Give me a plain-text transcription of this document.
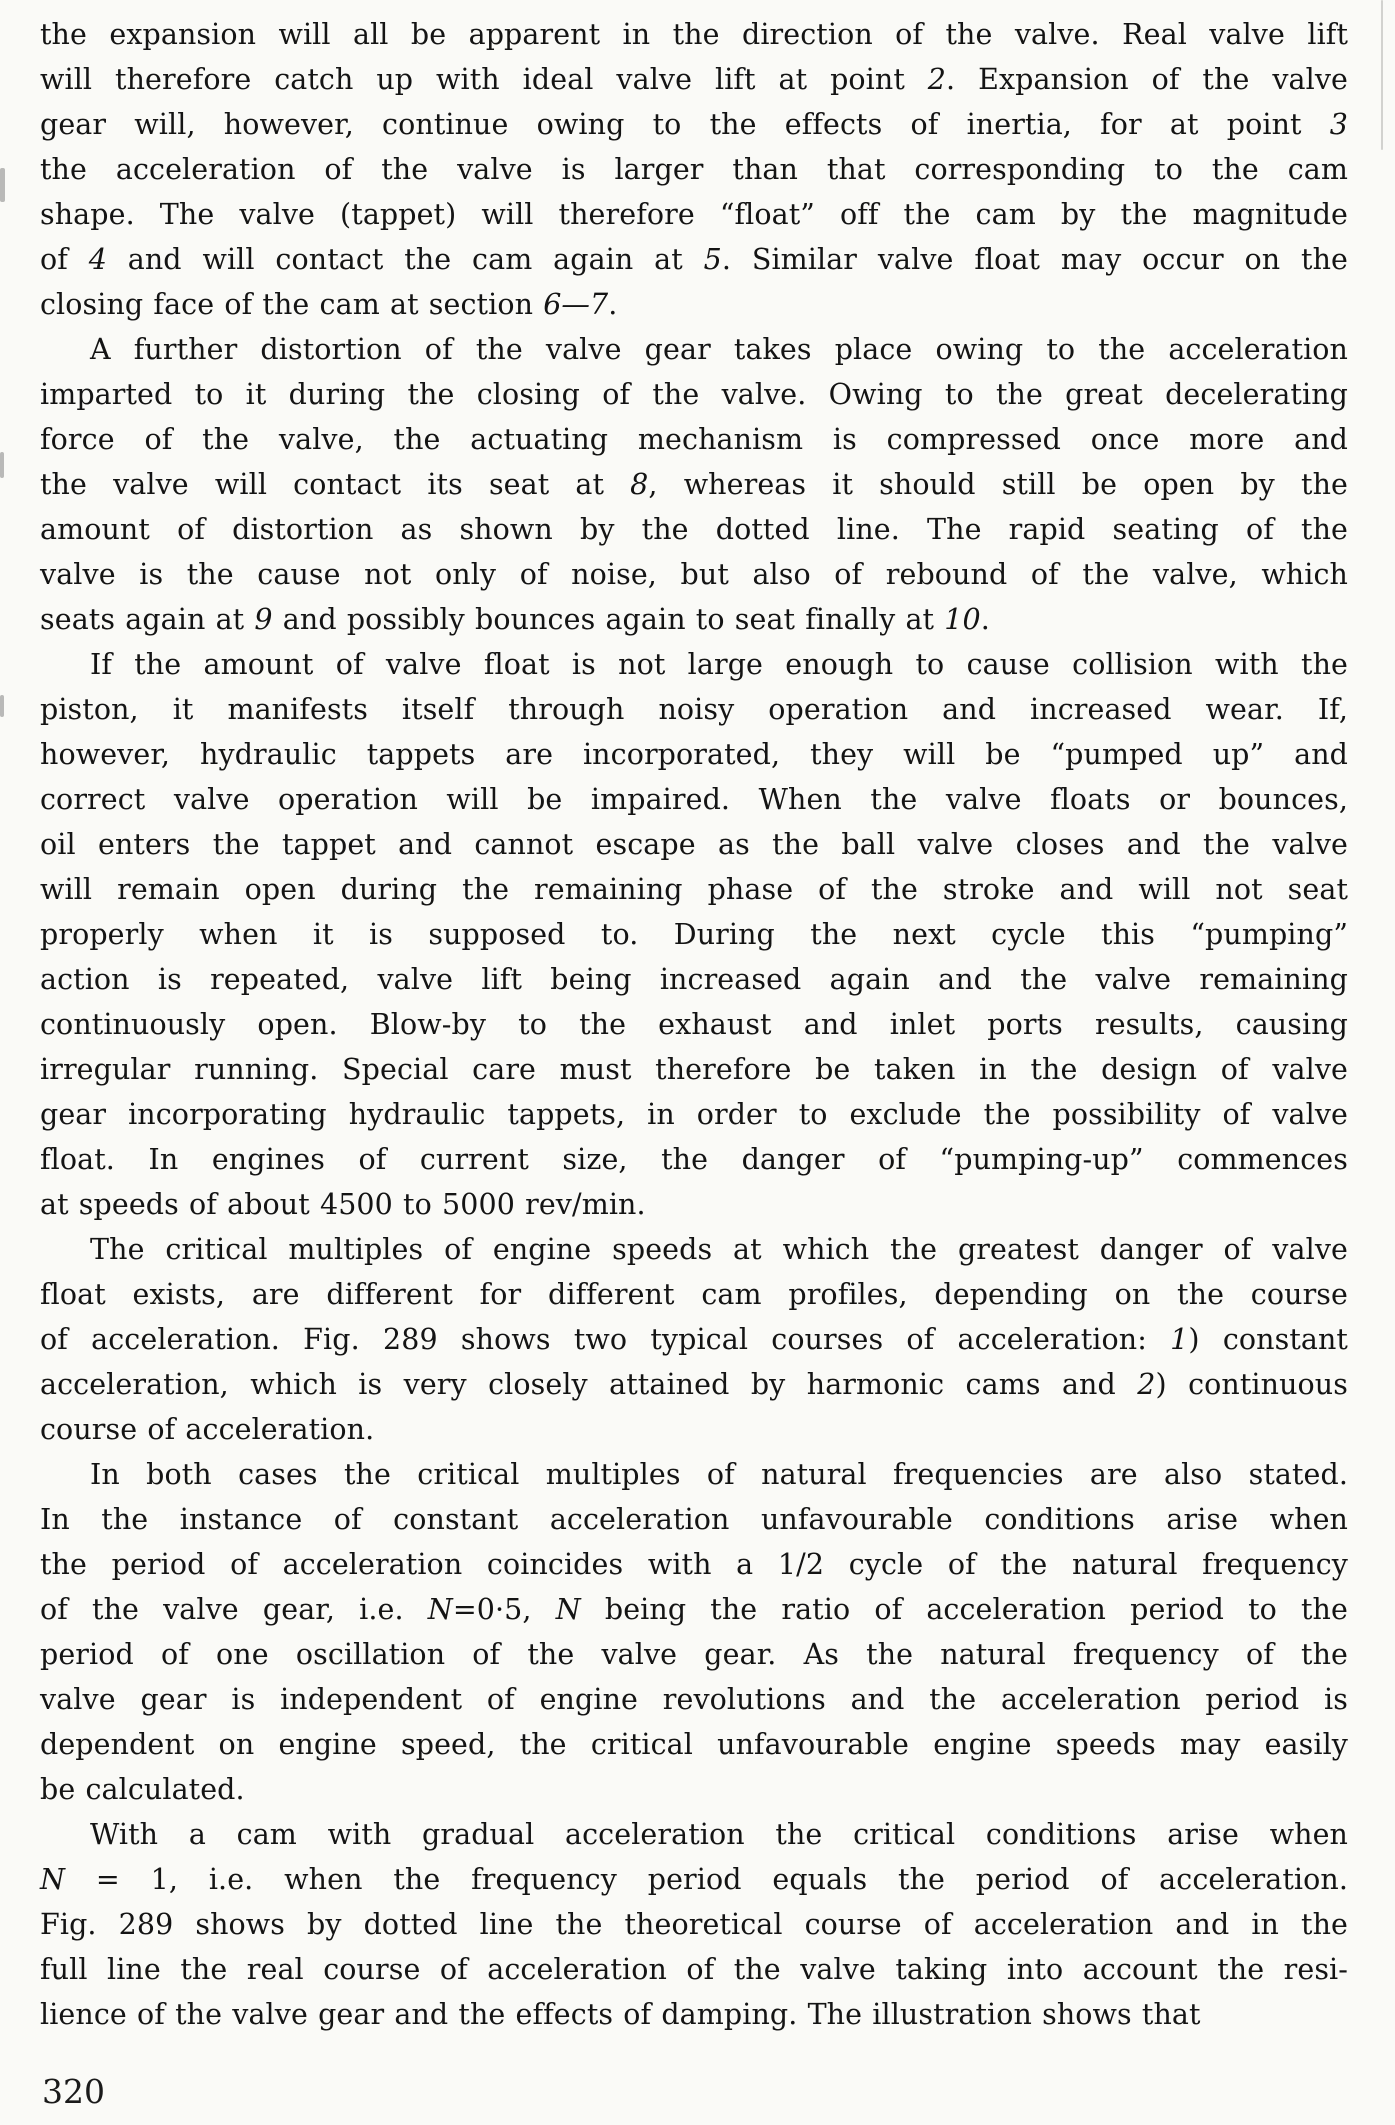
the expansion will all be apparent in the direction of the valve. Real valve lift
will therefore catch up with ideal valve lift at point 2. Expansion of the valve
gear will, however, continue owing to the effects of inertia, for at point 3
the acceleration of the valve is larger than that corresponding to the cam
shape. The valve (tappet) will therefore “float” off the cam by the magnitude
of 4 and will contact the cam again at 5. Similar valve float may occur on the
closing face of the cam at section 6—7.
A further distortion of the valve gear takes place owing to the acceleration
imparted to it during the closing of the valve. Owing to the great decelerating
force of the valve, the actuating mechanism is compressed once more and
the valve will contact its seat at 8, whereas it should still be open by the
amount of distortion as shown by the dotted line. The rapid seating of the
valve is the cause not only of noise, but also of rebound of the valve, which
seats again at 9 and possibly bounces again to seat finally at 10.
If the amount of valve float is not large enough to cause collision with the
piston, it manifests itself through noisy operation and increased wear. If,
however, hydraulic tappets are incorporated, they will be “pumped up” and
correct valve operation will be impaired. When the valve floats or bounces,
oil enters the tappet and cannot escape as the ball valve closes and the valve
will remain open during the remaining phase of the stroke and will not seat
properly when it is supposed to. During the next cycle this “pumping”
action is repeated, valve lift being increased again and the valve remaining
continuously open. Blow-by to the exhaust and inlet ports results, causing
irregular running. Special care must therefore be taken in the design of valve
gear incorporating hydraulic tappets, in order to exclude the possibility of valve
float. In engines of current size, the danger of “pumping-up” commences
at speeds of about 4500 to 5000 rev/min.
The critical multiples of engine speeds at which the greatest danger of valve
float exists, are different for different cam profiles, depending on the course
of acceleration. Fig. 289 shows two typical courses of acceleration: 1) constant
acceleration, which is very closely attained by harmonic cams and 2) continuous
course of acceleration.
In both cases the critical multiples of natural frequencies are also stated.
In the instance of constant acceleration unfavourable conditions arise when
the period of acceleration coincides with a 1/2 cycle of the natural frequency
of the valve gear, i.e. N=0·5, N being the ratio of acceleration period to the
period of one oscillation of the valve gear. As the natural frequency of the
valve gear is independent of engine revolutions and the acceleration period is
dependent on engine speed, the critical unfavourable engine speeds may easily
be calculated.
With a cam with gradual acceleration the critical conditions arise when
N = 1, i.e. when the frequency period equals the period of acceleration.
Fig. 289 shows by dotted line the theoretical course of acceleration and in the
full line the real course of acceleration of the valve taking into account the resi-
lience of the valve gear and the effects of damping. The illustration shows that
320
